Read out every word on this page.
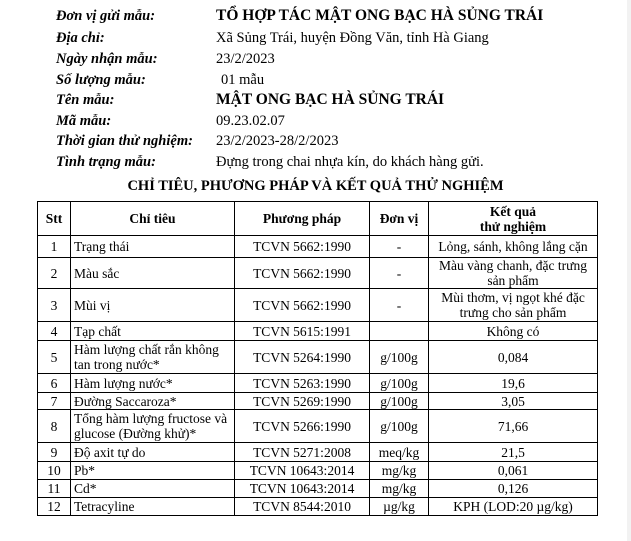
Đơn vị gửi mẫu:	TỔ HỢP TÁC MẬT ONG BẠC HÀ SỦNG TRÁI
Địa chỉ:	Xã Sủng Trái, huyện Đồng Văn, tỉnh Hà Giang
Ngày nhận mẫu:	23/2/2023
Số lượng mẫu:	01 mẫu
Tên mẫu:	MẬT ONG BẠC HÀ SỦNG TRÁI
Mã mẫu:	09.23.02.07
Thời gian thử nghiệm: 23/2/2023-28/2/2023
Tình trạng mẫu:	Đựng trong chai nhựa kín, do khách hàng gửi.
CHỈ TIÊU, PHƯƠNG PHÁP VÀ KẾT QUẢ THỬ NGHIỆM
Stt	Chỉ tiêu	Phương pháp	Đơn vị	Kết quả
thử nghiệm

1	Trạng thái	TCVN 5662:1990	-	Lỏng, sánh, không lắng cặn
2	Màu sắc	TCVN 5662:1990	-	Màu vàng chanh, đặc trưng sản phẩm
3	Mùi vị	TCVN 5662:1990	-	Mùi thơm, vị ngọt khé đặc trưng cho sản phẩm
4	Tạp chất	TCVN 5615:1991		Không có
5	Hàm lượng chất rắn không tan trong nước*	TCVN 5264:1990	g/100g	0,084
6	Hàm lượng nước*	TCVN 5263:1990	g/100g	19,6
7	Đường Saccaroza*	TCVN 5269:1990	g/100g	3,05
8	Tổng hàm lượng fructose và glucose (Đường khử)*	TCVN 5266:1990	g/100g	71,66
9	Độ axit tự do	TCVN 5271:2008	meq/kg	21,5
10	Pb*	TCVN 10643:2014	mg/kg	0,061
11	Cd*	TCVN 10643:2014	mg/kg	0,126
12	Tetracyline	TCVN 8544:2010	µg/kg	KPH (LOD:20 µg/kg)
